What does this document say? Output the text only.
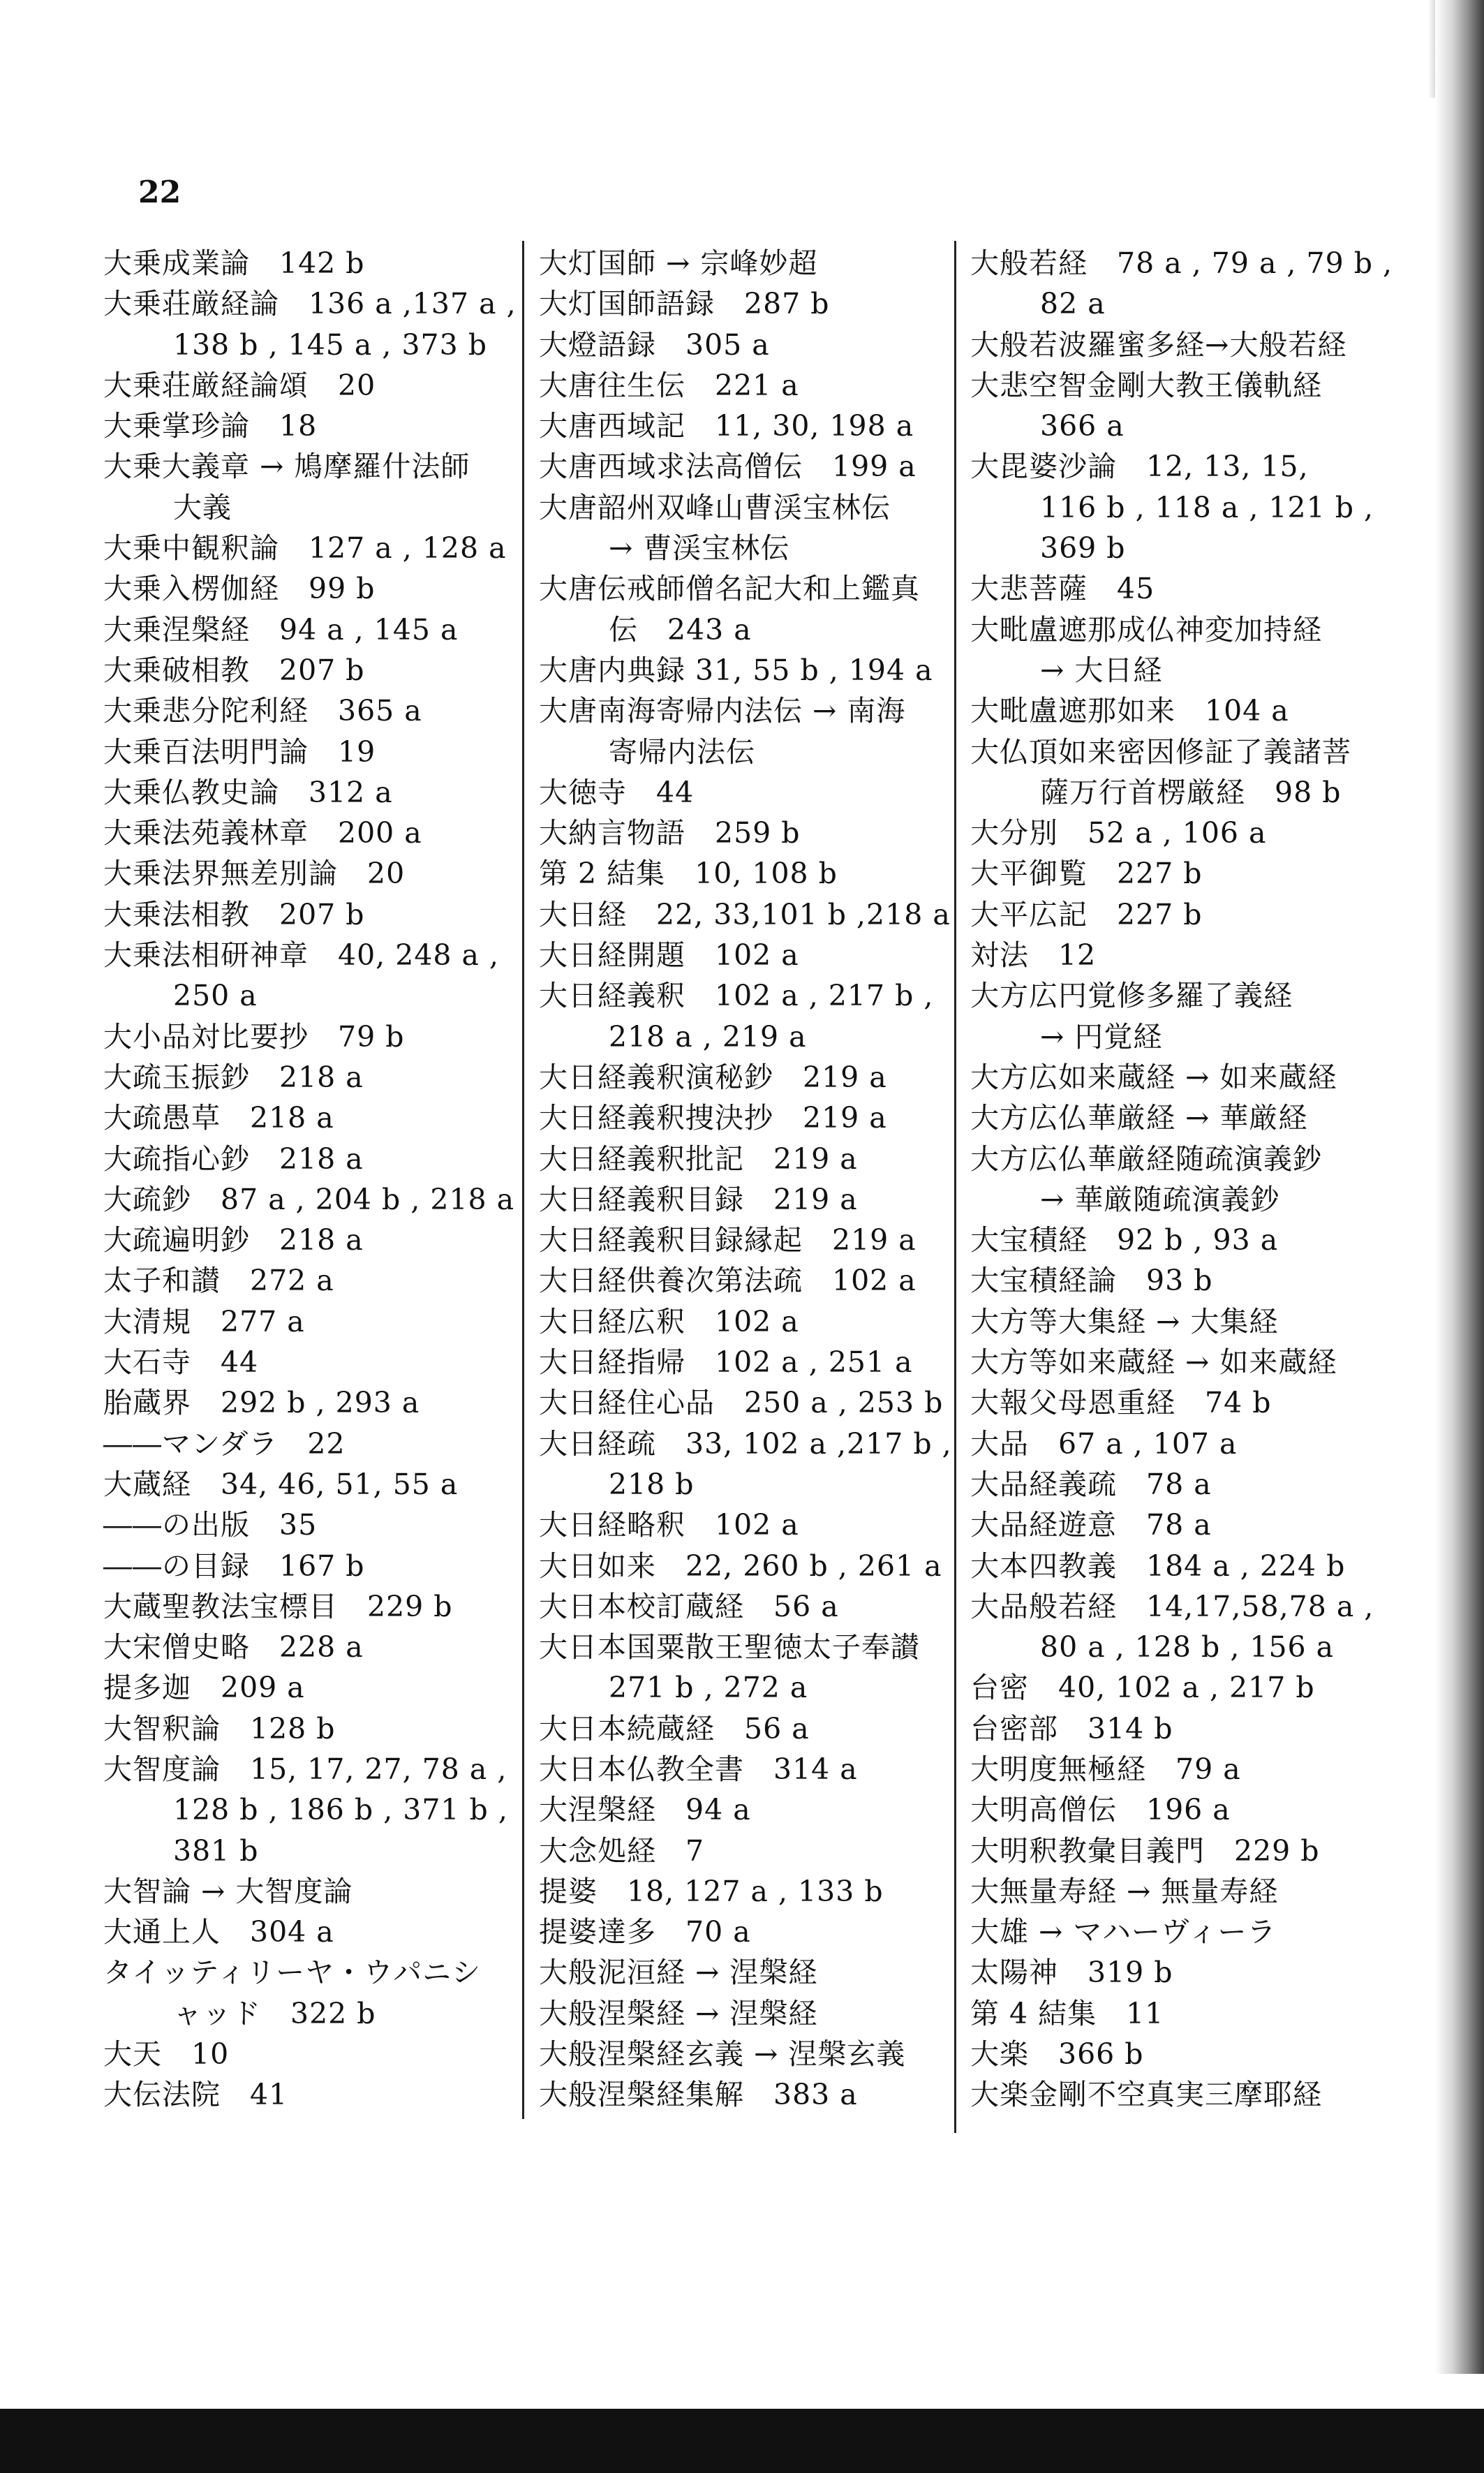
22
大乗成業論　142 b
大乗荘厳経論　136 a ,137 a ,
138 b , 145 a , 373 b
大乗荘厳経論頌　20
大乗掌珍論　18
大乗大義章 → 鳩摩羅什法師
大義
大乗中観釈論　127 a , 128 a
大乗入楞伽経　99 b
大乗涅槃経　94 a , 145 a
大乗破相教　207 b
大乗悲分陀利経　365 a
大乗百法明門論　19
大乗仏教史論　312 a
大乗法苑義林章　200 a
大乗法界無差別論　20
大乗法相教　207 b
大乗法相研神章　40, 248 a ,
250 a
大小品対比要抄　79 b
大疏玉振鈔　218 a
大疏愚草　218 a
大疏指心鈔　218 a
大疏鈔　87 a , 204 b , 218 a
大疏遍明鈔　218 a
太子和讃　272 a
大清規　277 a
大石寺　44
胎蔵界　292 b , 293 a
――マンダラ　22
大蔵経　34, 46, 51, 55 a
――の出版　35
――の目録　167 b
大蔵聖教法宝標目　229 b
大宋僧史略　228 a
提多迦　209 a
大智釈論　128 b
大智度論　15, 17, 27, 78 a ,
128 b , 186 b , 371 b ,
381 b
大智論 → 大智度論
大通上人　304 a
タイッティリーヤ・ウパニシ
ャッド　322 b
大天　10
大伝法院　41
大灯国師 → 宗峰妙超
大灯国師語録　287 b
大燈語録　305 a
大唐往生伝　221 a
大唐西域記　11, 30, 198 a
大唐西域求法高僧伝　199 a
大唐韶州双峰山曹渓宝林伝
→ 曹渓宝林伝
大唐伝戒師僧名記大和上鑑真
伝　243 a
大唐内典録 31, 55 b , 194 a
大唐南海寄帰内法伝 → 南海
寄帰内法伝
大徳寺　44
大納言物語　259 b
第 2 結集　10, 108 b
大日経　22, 33,101 b ,218 a
大日経開題　102 a
大日経義釈　102 a , 217 b ,
218 a , 219 a
大日経義釈演秘鈔　219 a
大日経義釈捜決抄　219 a
大日経義釈批記　219 a
大日経義釈目録　219 a
大日経義釈目録縁起　219 a
大日経供養次第法疏　102 a
大日経広釈　102 a
大日経指帰　102 a , 251 a
大日経住心品　250 a , 253 b
大日経疏　33, 102 a ,217 b ,
218 b
大日経略釈　102 a
大日如来　22, 260 b , 261 a
大日本校訂蔵経　56 a
大日本国粟散王聖徳太子奉讃
271 b , 272 a
大日本続蔵経　56 a
大日本仏教全書　314 a
大涅槃経　94 a
大念処経　7
提婆　18, 127 a , 133 b
提婆達多　70 a
大般泥洹経 → 涅槃経
大般涅槃経 → 涅槃経
大般涅槃経玄義 → 涅槃玄義
大般涅槃経集解　383 a
大般若経　78 a , 79 a , 79 b ,
82 a
大般若波羅蜜多経→大般若経
大悲空智金剛大教王儀軌経
366 a
大毘婆沙論　12, 13, 15,
116 b , 118 a , 121 b ,
369 b
大悲菩薩　45
大毗盧遮那成仏神変加持経
→ 大日経
大毗盧遮那如来　104 a
大仏頂如来密因修証了義諸菩
薩万行首楞厳経　98 b
大分別　52 a , 106 a
大平御覧　227 b
大平広記　227 b
対法　12
大方広円覚修多羅了義経
→ 円覚経
大方広如来蔵経 → 如来蔵経
大方広仏華厳経 → 華厳経
大方広仏華厳経随疏演義鈔
→ 華厳随疏演義鈔
大宝積経　92 b , 93 a
大宝積経論　93 b
大方等大集経 → 大集経
大方等如来蔵経 → 如来蔵経
大報父母恩重経　74 b
大品　67 a , 107 a
大品経義疏　78 a
大品経遊意　78 a
大本四教義　184 a , 224 b
大品般若経　14,17,58,78 a ,
80 a , 128 b , 156 a
台密　40, 102 a , 217 b
台密部　314 b
大明度無極経　79 a
大明高僧伝　196 a
大明釈教彙目義門　229 b
大無量寿経 → 無量寿経
大雄 → マハーヴィーラ
太陽神　319 b
第 4 結集　11
大楽　366 b
大楽金剛不空真実三摩耶経
